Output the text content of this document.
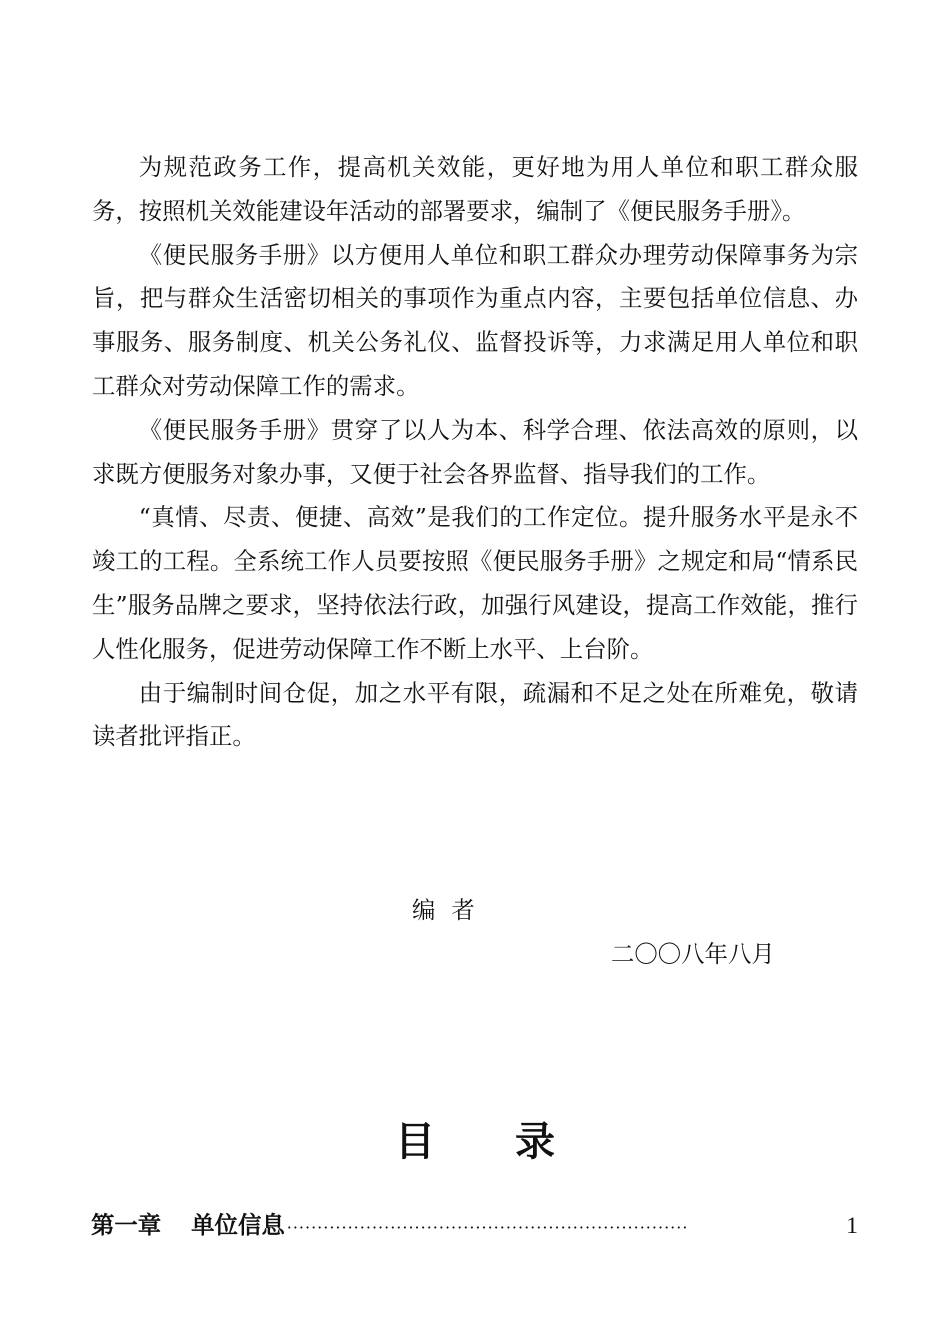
为规范政务工作，提高机关效能，更好地为用人单位和职工群众服务，按照机关效能建设年活动的部署要求，编制了《便民服务手册》。

《便民服务手册》以方便用人单位和职工群众办理劳动保障事务为宗旨，把与群众生活密切相关的事项作为重点内容，主要包括单位信息、办事服务、服务制度、机关公务礼仪、监督投诉等，力求满足用人单位和职工群众对劳动保障工作的需求。

《便民服务手册》贯穿了以人为本、科学合理、依法高效的原则，以求既方便服务对象办事，又便于社会各界监督、指导我们的工作。

“真情、尽责、便捷、高效”是我们的工作定位。提升服务水平是永不竣工的工程。全系统工作人员要按照《便民服务手册》之规定和局“情系民生”服务品牌之要求，坚持依法行政，加强行风建设，提高工作效能，推行人性化服务，促进劳动保障工作不断上水平、上台阶。

由于编制时间仓促，加之水平有限，疏漏和不足之处在所难免，敬请读者批评指正。

编者
二〇〇八年八月
目 录
第一章 单位信息 ··································································	1
